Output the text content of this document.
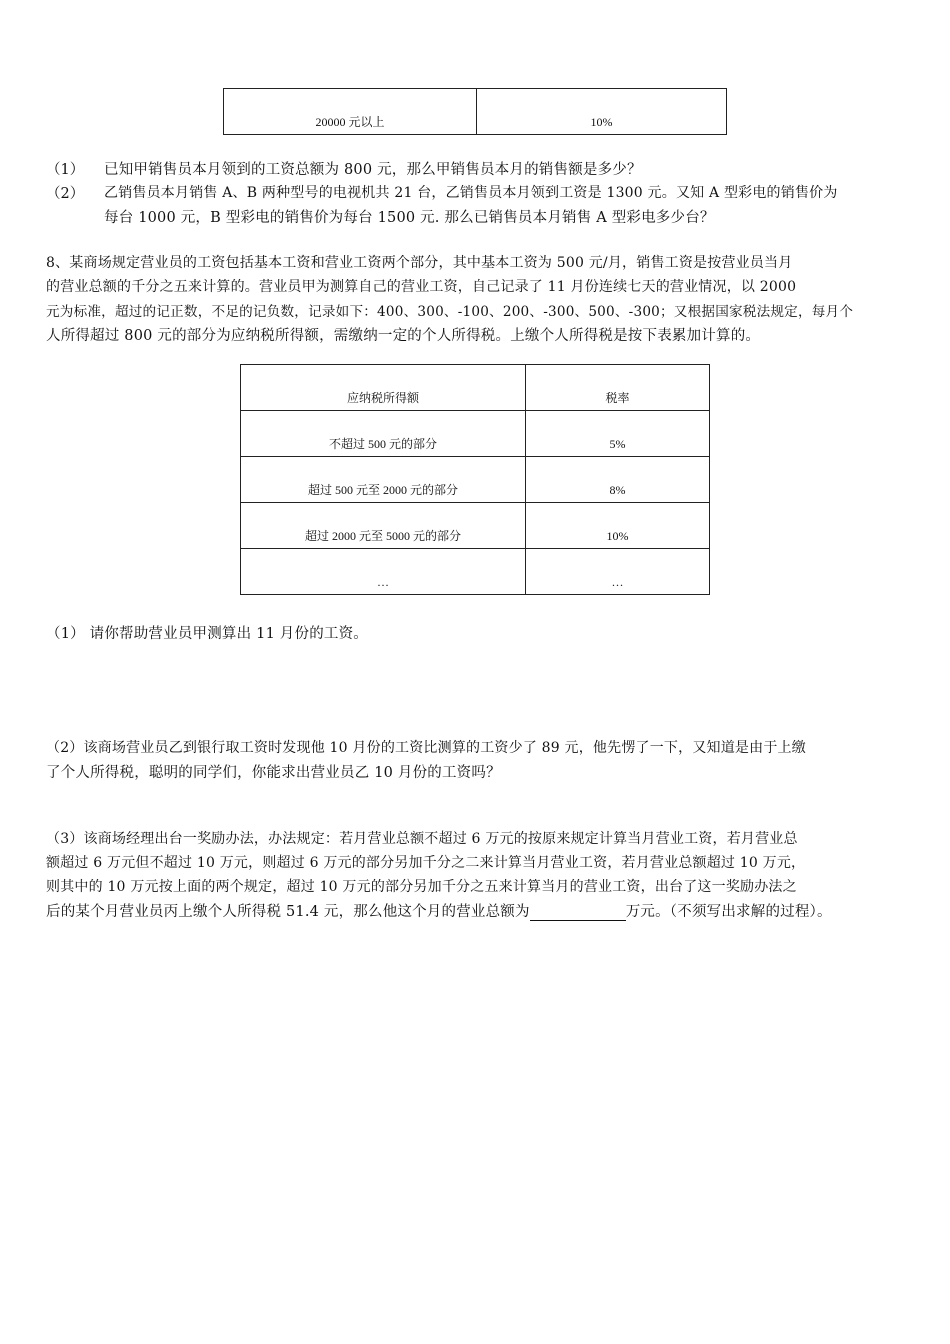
20000 元以上	10%
（1） 已知甲销售员本月领到的工资总额为 800 元，那么甲销售员本月的销售额是多少？
（2） 乙销售员本月销售 A、B 两种型号的电视机共 21 台，乙销售员本月领到工资是 1300 元。又知 A 型彩电的销售价为
每台 1000 元，B 型彩电的销售价为每台 1500 元. 那么已销售员本月销售 A 型彩电多少台？
8、某商场规定营业员的工资包括基本工资和营业工资两个部分，其中基本工资为 500 元/月，销售工资是按营业员当月
的营业总额的千分之五来计算的。营业员甲为测算自己的营业工资，自己记录了 11 月份连续七天的营业情况，以 2000
元为标准，超过的记正数，不足的记负数，记录如下：400、300、-100、200、-300、500、-300；又根据国家税法规定，每月个
人所得超过 800 元的部分为应纳税所得额，需缴纳一定的个人所得税。上缴个人所得税是按下表累加计算的。
应纳税所得额	税率
不超过 500 元的部分	5%
超过 500 元至 2000 元的部分	8%
超过 2000 元至 5000 元的部分	10%
…	…
（1） 请你帮助营业员甲测算出 11 月份的工资。
（2）该商场营业员乙到银行取工资时发现他 10 月份的工资比测算的工资少了 89 元，他先愣了一下，又知道是由于上缴
了个人所得税，聪明的同学们，你能求出营业员乙 10 月份的工资吗？
（3）该商场经理出台一奖励办法，办法规定：若月营业总额不超过 6 万元的按原来规定计算当月营业工资，若月营业总
额超过 6 万元但不超过 10 万元，则超过 6 万元的部分另加千分之二来计算当月营业工资，若月营业总额超过 10 万元，
则其中的 10 万元按上面的两个规定，超过 10 万元的部分另加千分之五来计算当月的营业工资，出台了这一奖励办法之
后的某个月营业员丙上缴个人所得税 51.4 元，那么他这个月的营业总额为	万元。（不须写出求解的过程）。
